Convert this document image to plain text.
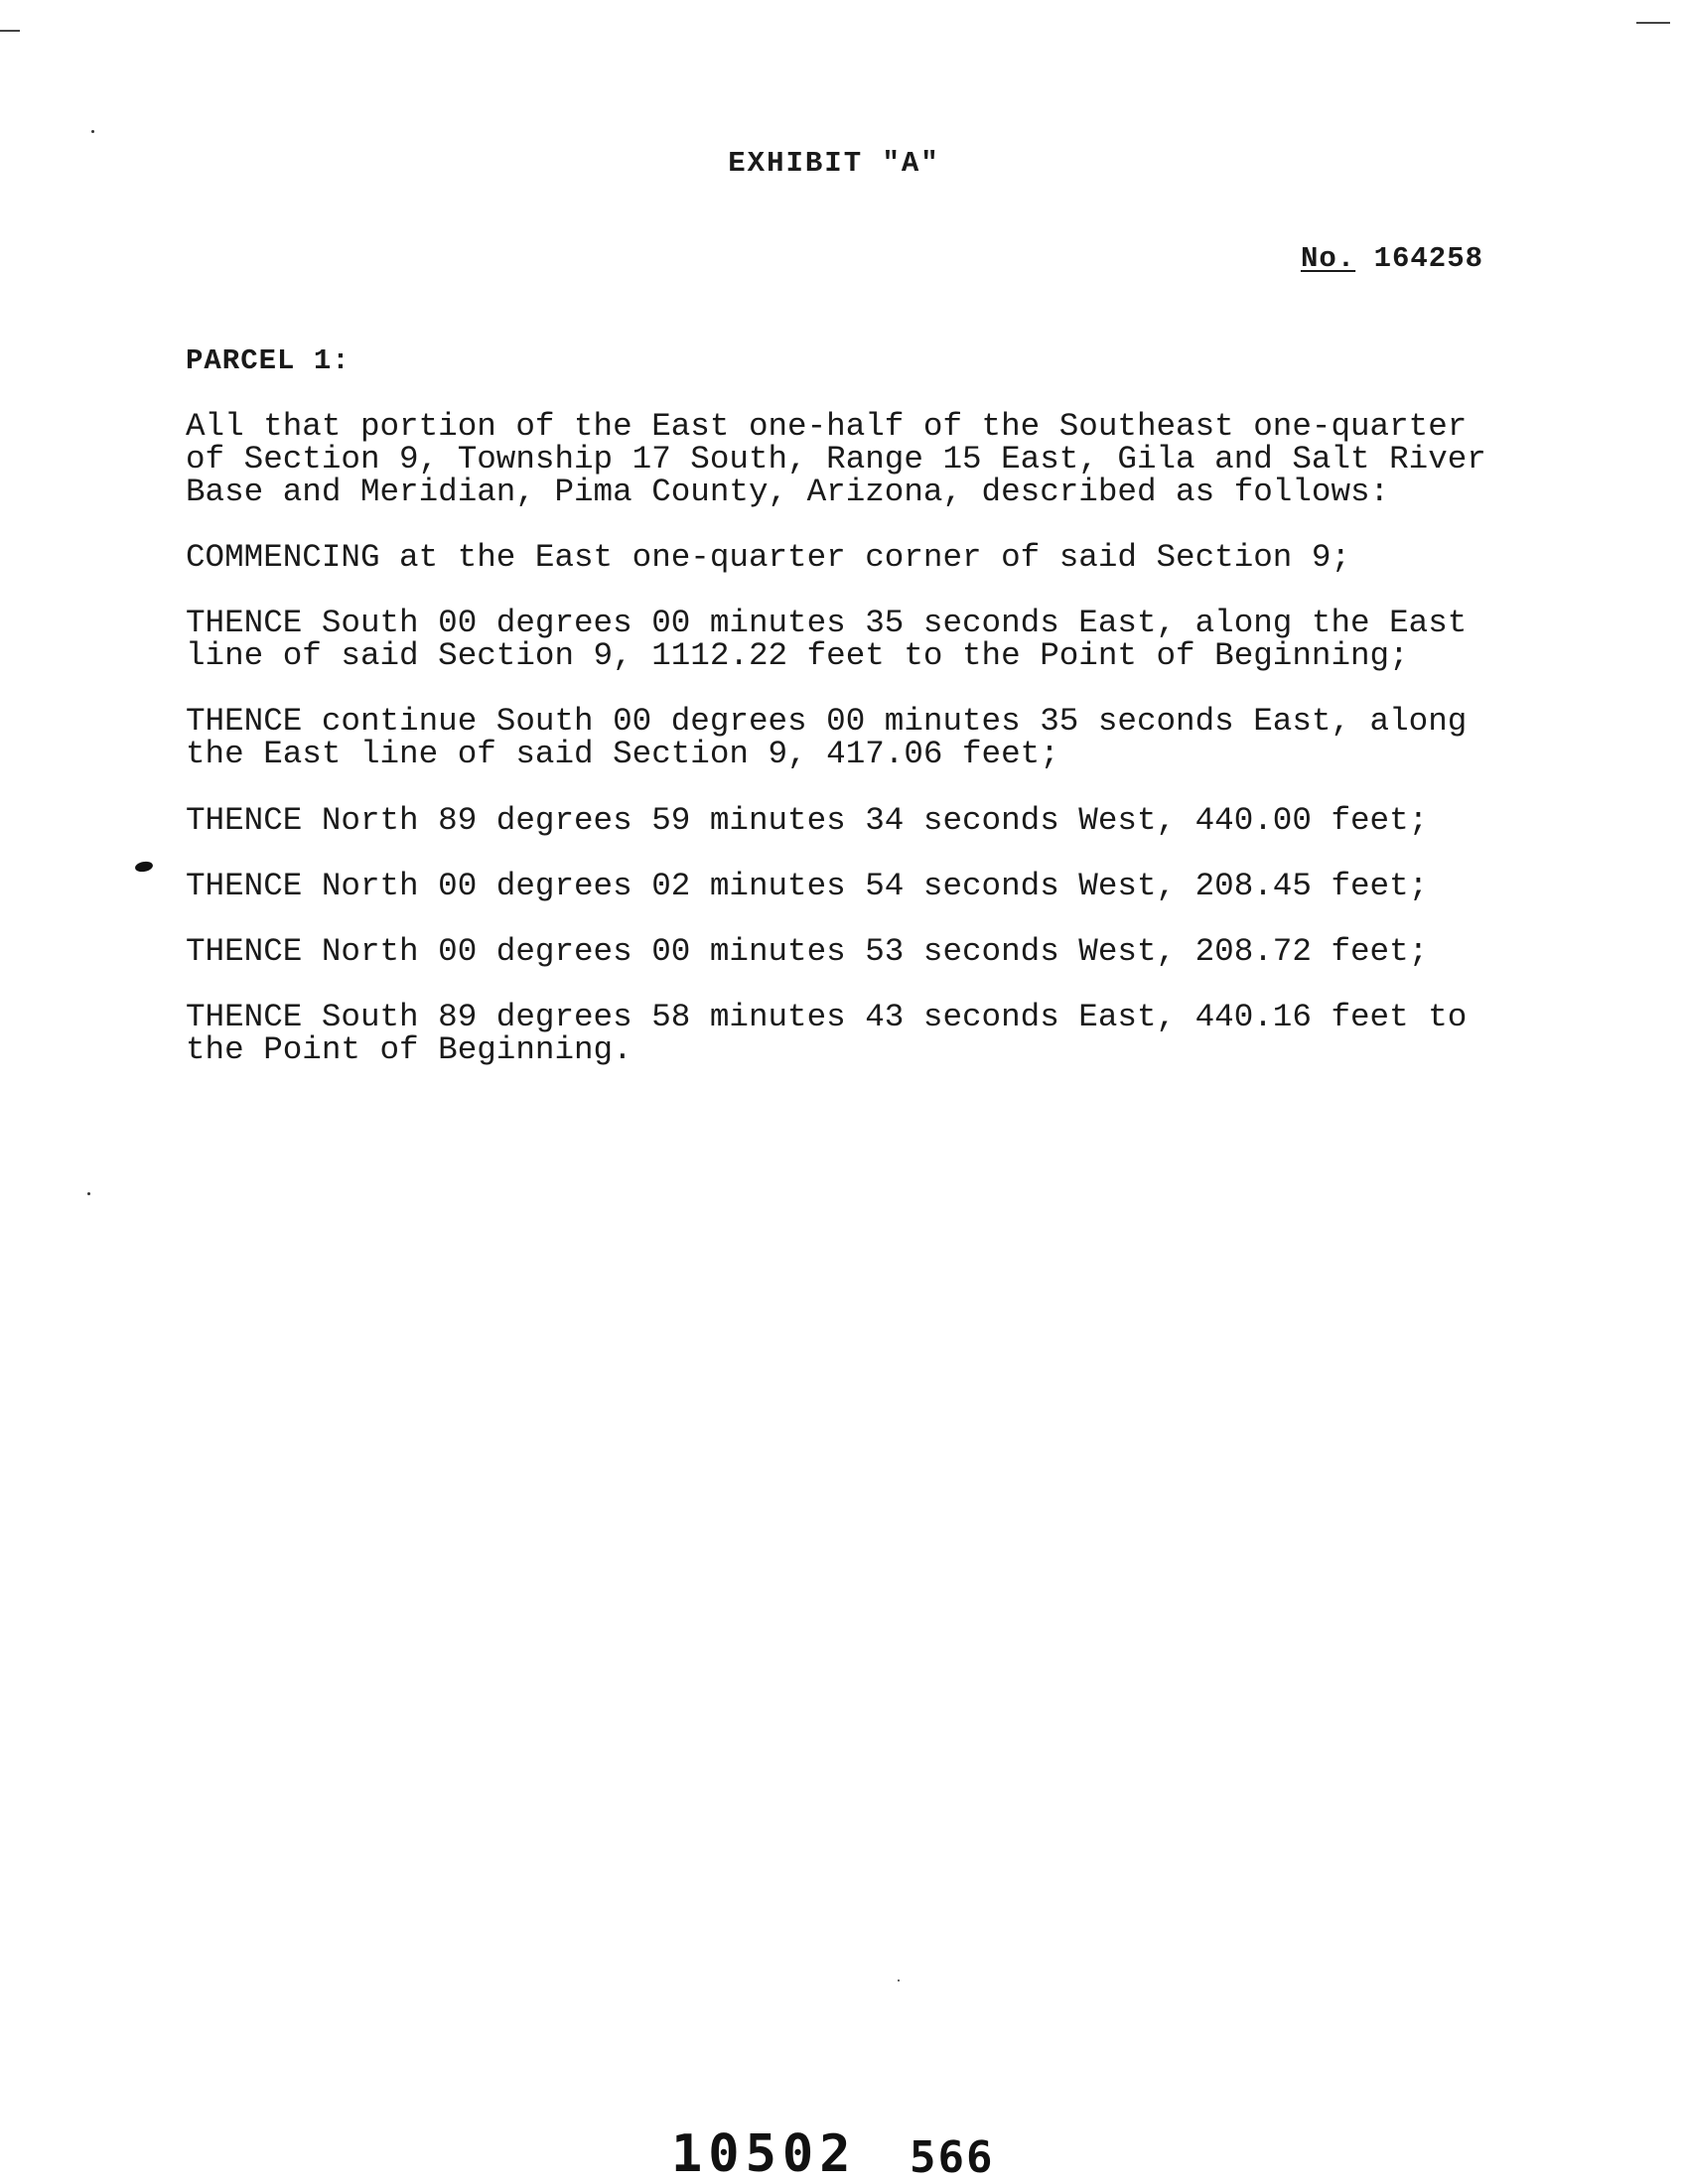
EXHIBIT "A"
No. 164258
PARCEL 1:
All that portion of the East one-half of the Southeast one-quarter
of Section 9, Township 17 South, Range 15 East, Gila and Salt River
Base and Meridian, Pima County, Arizona, described as follows:
COMMENCING at the East one-quarter corner of said Section 9;
THENCE South 00 degrees 00 minutes 35 seconds East, along the East
line of said Section 9, 1112.22 feet to the Point of Beginning;
THENCE continue South 00 degrees 00 minutes 35 seconds East, along
the East line of said Section 9, 417.06 feet;
THENCE North 89 degrees 59 minutes 34 seconds West, 440.00 feet;
THENCE North 00 degrees 02 minutes 54 seconds West, 208.45 feet;
THENCE North 00 degrees 00 minutes 53 seconds West, 208.72 feet;
THENCE South 89 degrees 58 minutes 43 seconds East, 440.16 feet to
the Point of Beginning.
10502 566
